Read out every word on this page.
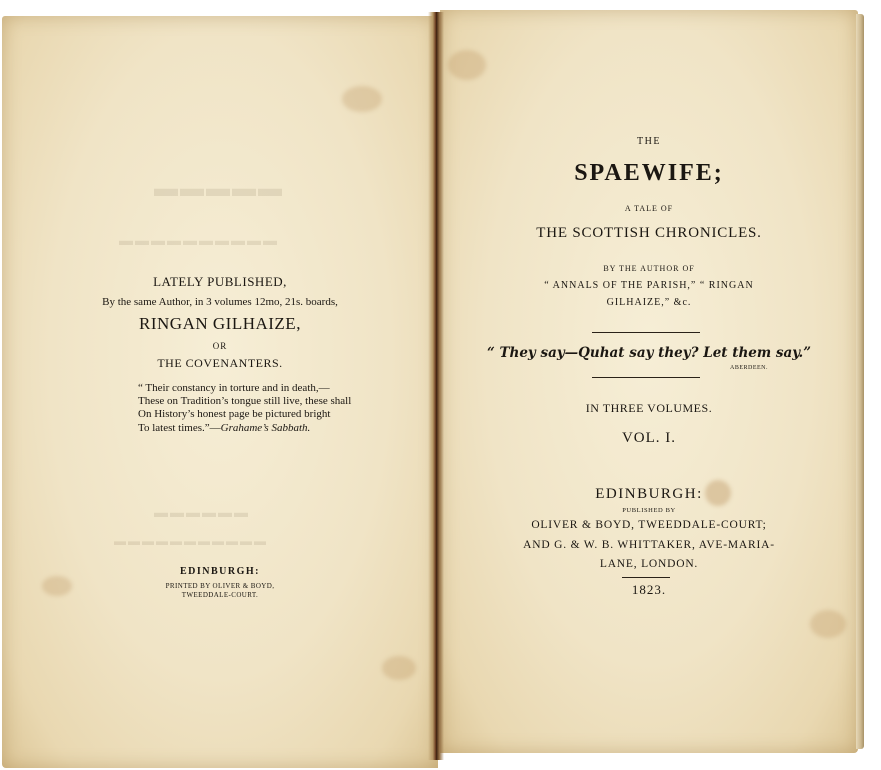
▬▬▬▬▬
▬▬▬▬▬▬▬▬▬▬
▬▬▬▬▬▬
▬▬▬▬▬▬▬▬▬▬▬
LATELY PUBLISHED,
By the same Author, in 3 volumes 12mo, 21s. boards,
RINGAN GILHAIZE,
OR
THE COVENANTERS.
“ Their constancy in torture and in death,—
These on Tradition’s tongue still live, these shall
On History’s honest page be pictured bright
To latest times.”—Grahame’s Sabbath.
EDINBURGH:
PRINTED BY OLIVER & BOYD,
TWEEDDALE-COURT.
THE
SPAEWIFE;
A TALE OF
THE SCOTTISH CHRONICLES.
BY THE AUTHOR OF
“ ANNALS OF THE PARISH,” “ RINGAN
GILHAIZE,” &c.
“ They say—Quhat say they? Let them say.”
ABERDEEN.
IN THREE VOLUMES.
VOL. I.
EDINBURGH:
PUBLISHED BY
OLIVER & BOYD, TWEEDDALE-COURT;
AND G. & W. B. WHITTAKER, AVE-MARIA-
LANE, LONDON.
1823.
